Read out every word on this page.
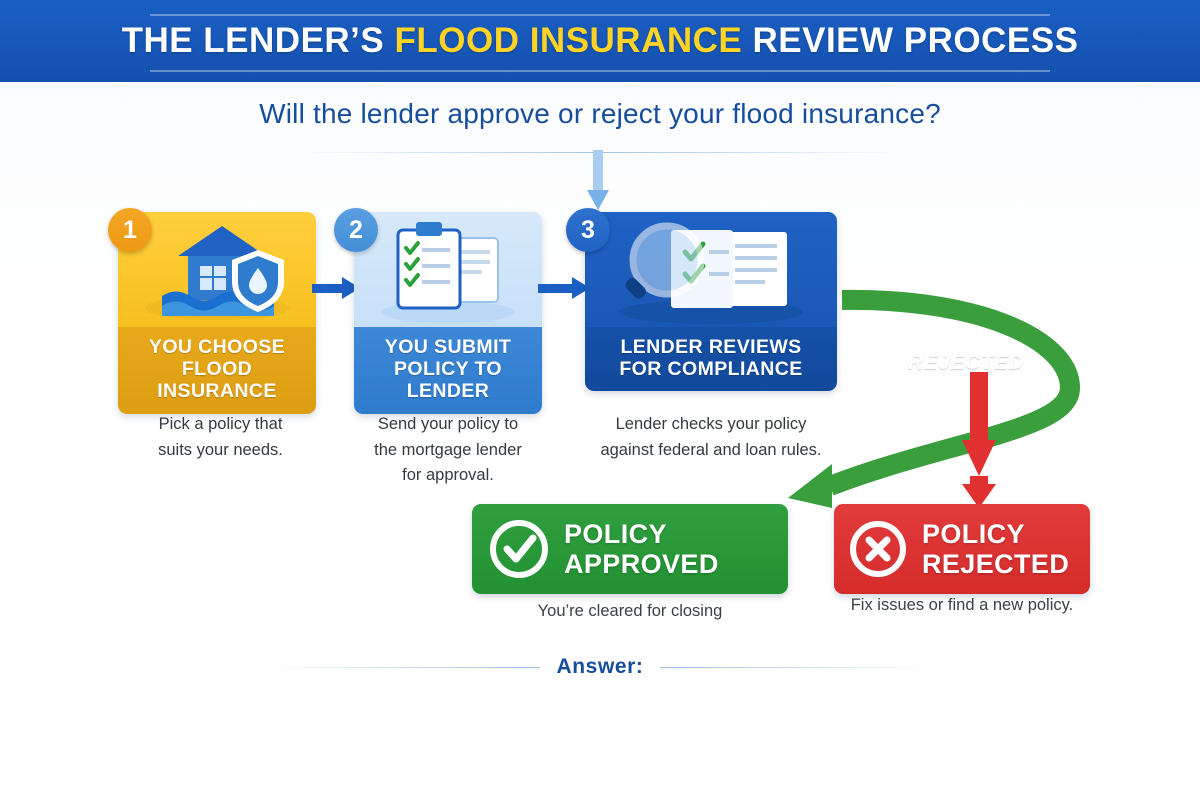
THE LENDER’S FLOOD INSURANCE REVIEW PROCESS
Will the lender approve or reject your flood insurance?
YOU CHOOSE
FLOOD INSURANCE
1
Pick a policy that
suits your needs.
YOU SUBMIT
POLICY TO LENDER
2
Send your policy to
the mortgage lender
for approval.
LENDER REVIEWS
FOR COMPLIANCE
3
Lender checks your policy
against federal and loan rules.
REJECTED
POLICY
APPROVED
You’re cleared for closing
POLICY
REJECTED
Fix issues or find a new policy.
Answer:
